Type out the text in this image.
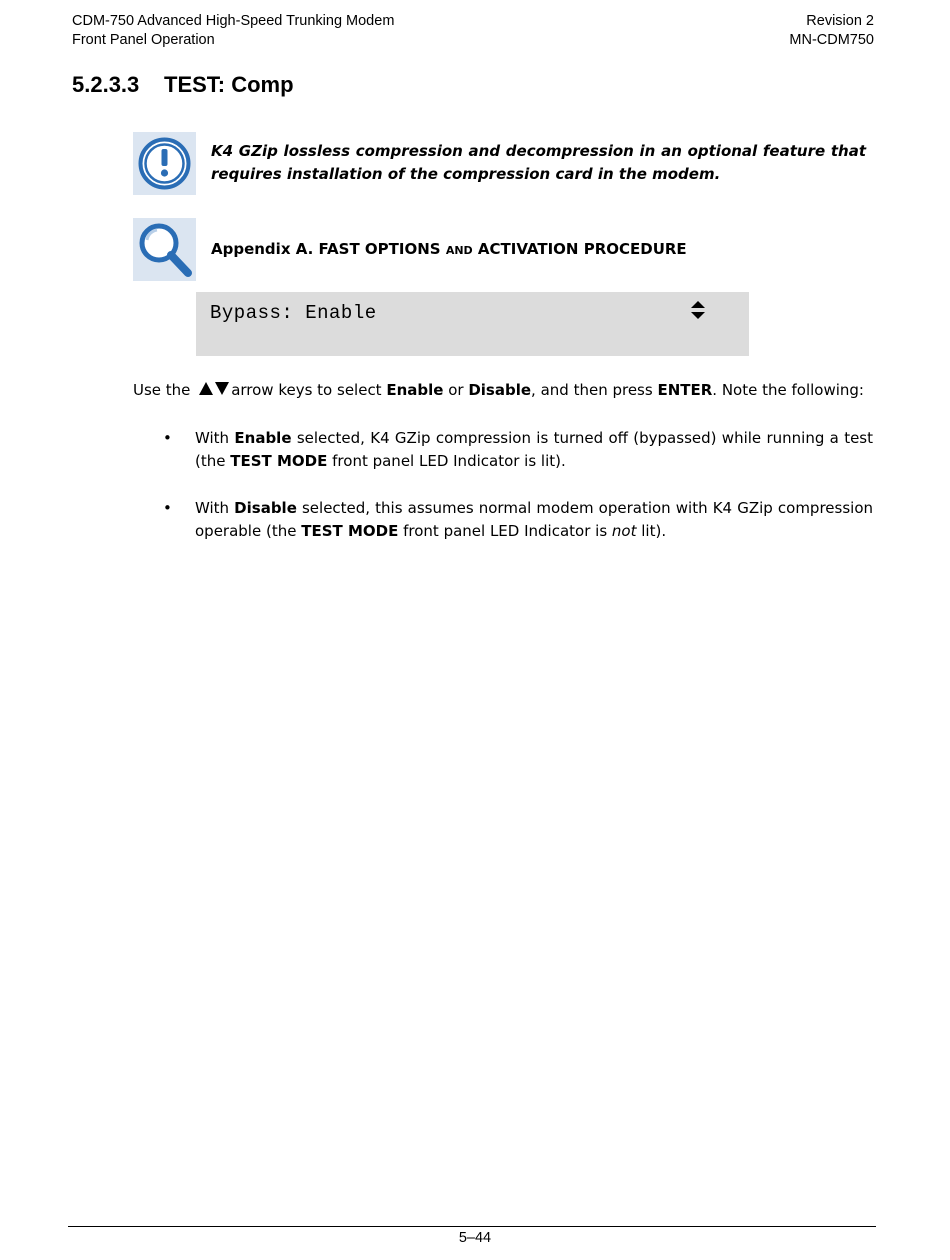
CDM-750 Advanced High-Speed Trunking Modem	Revision 2
Front Panel Operation	MN-CDM750
5.2.3.3 TEST: Comp
K4 GZip lossless compression and decompression in an optional feature that requires installation of the compression card in the modem.
Appendix A. FAST OPTIONS AND ACTIVATION PROCEDURE
Bypass: Enable
Use the arrow keys to select Enable or Disable, and then press ENTER. Note the following:
• With Enable selected, K4 GZip compression is turned off (bypassed) while running a test (the TEST MODE front panel LED Indicator is lit).
• With Disable selected, this assumes normal modem operation with K4 GZip compression operable (the TEST MODE front panel LED Indicator is not lit).
5–44
